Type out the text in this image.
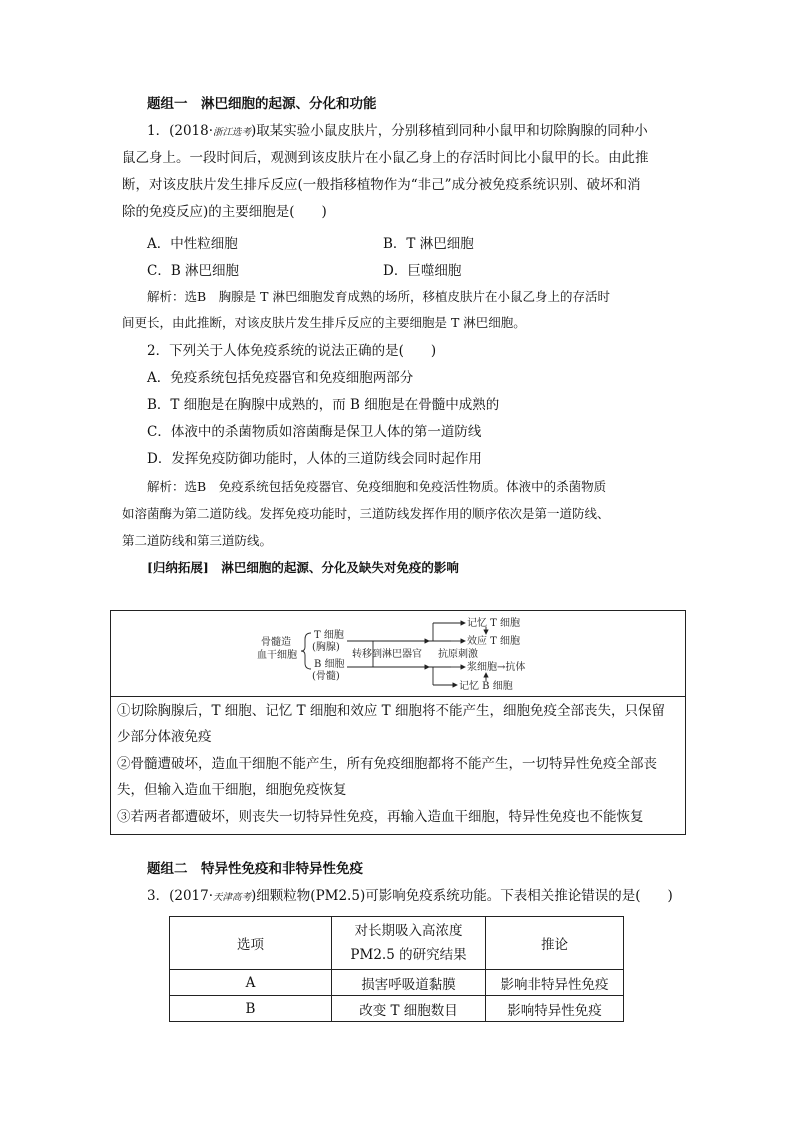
题组一　淋巴细胞的起源、分化和功能
1．(2018·浙江选考)取某实验小鼠皮肤片，分别移植到同种小鼠甲和切除胸腺的同种小
鼠乙身上。一段时间后，观测到该皮肤片在小鼠乙身上的存活时间比小鼠甲的长。由此推
断，对该皮肤片发生排斥反应(一般指移植物作为“非己”成分被免疫系统识别、破坏和消
除的免疫反应)的主要细胞是(　　)
A．中性粒细胞	B．T 淋巴细胞
C．B 淋巴细胞	D．巨噬细胞
解析：选B　胸腺是 T 淋巴细胞发育成熟的场所，移植皮肤片在小鼠乙身上的存活时
间更长，由此推断，对该皮肤片发生排斥反应的主要细胞是 T 淋巴细胞。
2．下列关于人体免疫系统的说法正确的是(　　)
A．免疫系统包括免疫器官和免疫细胞两部分
B．T 细胞是在胸腺中成熟的，而 B 细胞是在骨髓中成熟的
C．体液中的杀菌物质如溶菌酶是保卫人体的第一道防线
D．发挥免疫防御功能时，人体的三道防线会同时起作用
解析：选B　免疫系统包括免疫器官、免疫细胞和免疫活性物质。体液中的杀菌物质
如溶菌酶为第二道防线。发挥免疫功能时，三道防线发挥作用的顺序依次是第一道防线、
第二道防线和第三道防线。
[归纳拓展]　淋巴细胞的起源、分化及缺失对免疫的影响
骨髓造
血干细胞
T 细胞
(胸腺)
B 细胞
(骨髓)
转移到淋巴器官 抗原刺激
记忆 T 细胞
效应 T 细胞
浆细胞→抗体
记忆 B 细胞
①切除胸腺后，T 细胞、记忆 T 细胞和效应 T 细胞将不能产生，细胞免疫全部丧失，只保留
少部分体液免疫
②骨髓遭破坏，造血干细胞不能产生，所有免疫细胞都将不能产生，一切特异性免疫全部丧
失，但输入造血干细胞，细胞免疫恢复
③若两者都遭破坏，则丧失一切特异性免疫，再输入造血干细胞，特异性免疫也不能恢复
题组二　特异性免疫和非特异性免疫
3．(2017·天津高考)细颗粒物(PM2.5)可影响免疫系统功能。下表相关推论错误的是(　　)
选项	对长期吸入高浓度
PM2.5 的研究结果	推论
A	损害呼吸道黏膜	影响非特异性免疫
B	改变 T 细胞数目	影响特异性免疫
